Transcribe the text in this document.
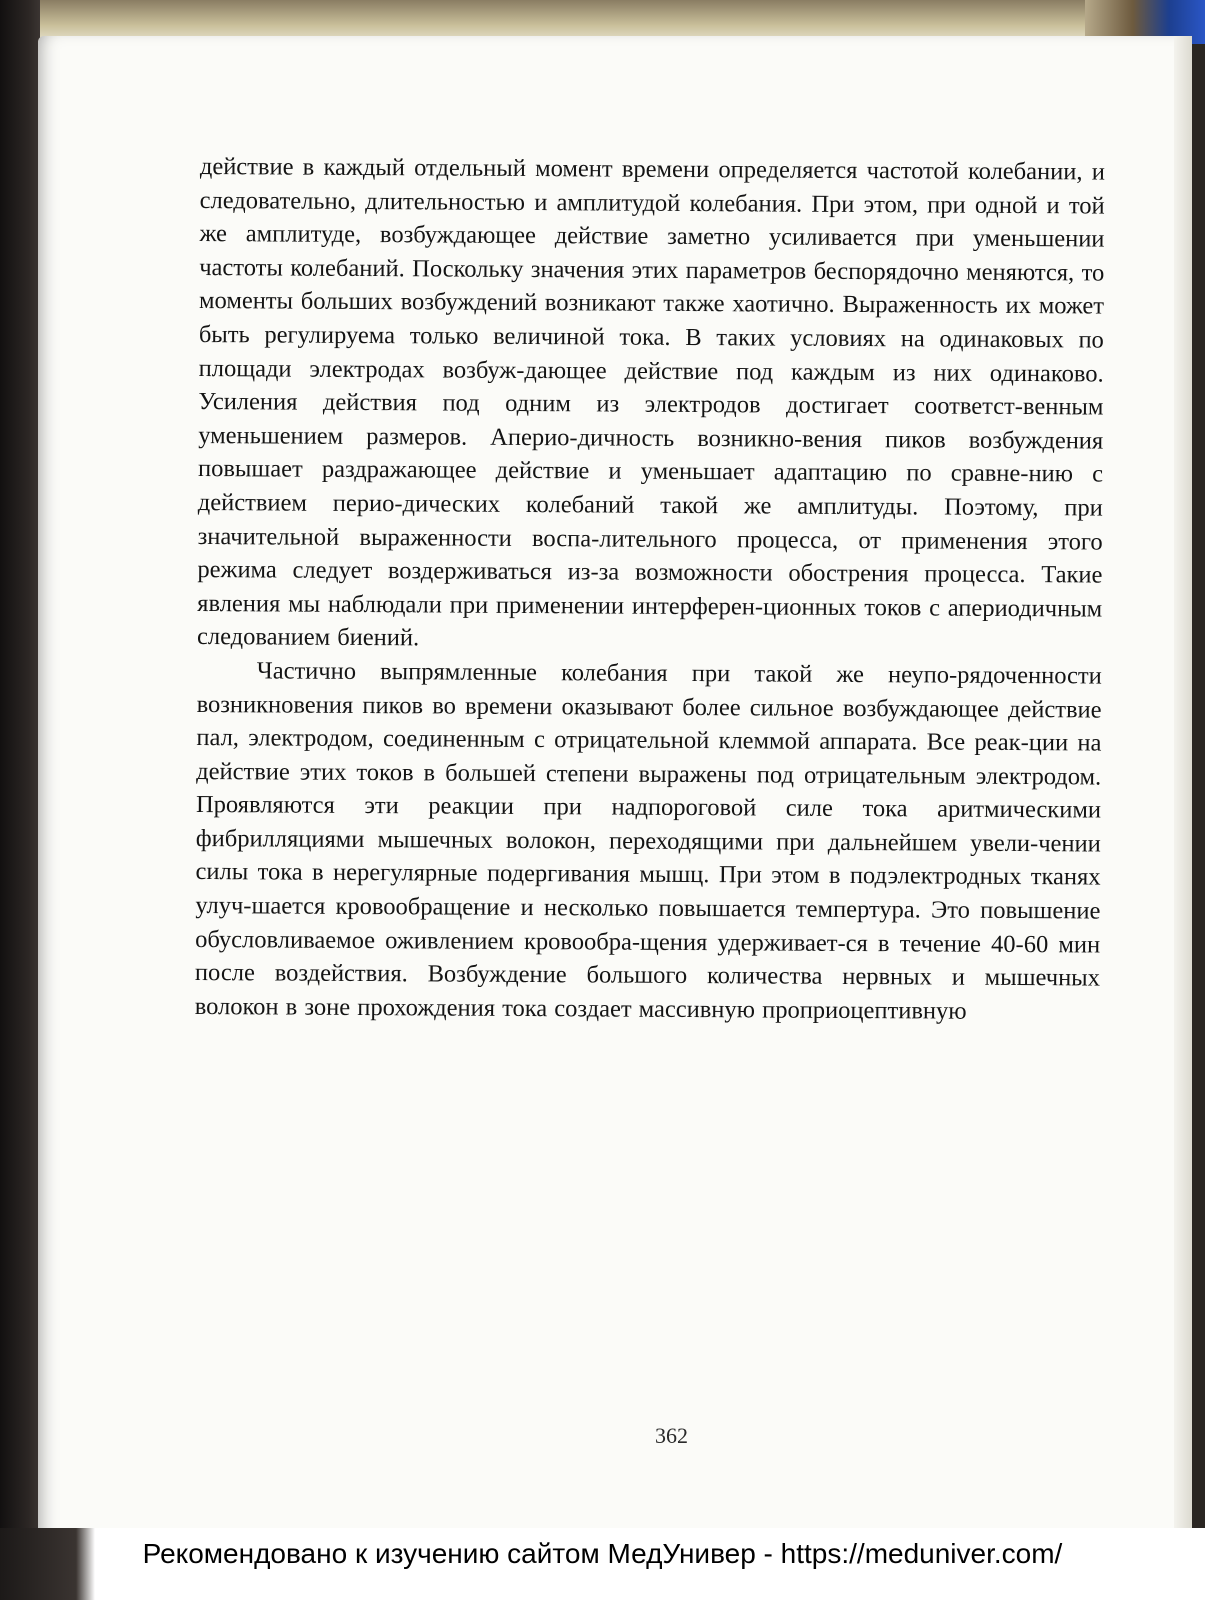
действие в каждый отдельный момент времени определяется частотой колебании, и следовательно, длительностью и амплитудой колебания. При этом, при одной и той же амплитуде, возбуждающее действие заметно усиливается при уменьшении частоты колебаний. Поскольку значения этих параметров беспорядочно меняются, то моменты больших возбуждений возникают также хаотично. Выраженность их может быть регулируема только величиной тока. В таких условиях на одинаковых по площади электродах возбуж-дающее действие под каждым из них одинаково. Усиления действия под одним из электродов достигает соответст-венным уменьшением размеров. Аперио-дичность возникно-вения пиков возбуждения повышает раздражающее действие и уменьшает адаптацию по сравне-нию с действием перио-дических колебаний такой же амплитуды. Поэтому, при значительной выраженности воспа-лительного процесса, от применения этого режима следует воздерживаться из-за возможности обострения процесса. Такие явления мы наблюдали при применении интерферен-ционных токов с апериодичным следованием биений.

Частично выпрямленные колебания при такой же неупо-рядоченности возникновения пиков во времени оказывают более сильное возбуждающее действие пал, электродом, соединенным с отрицательной клеммой аппарата. Все реак-ции на действие этих токов в большей степени выражены под отрицательным электродом. Проявляются эти реакции при надпороговой силе тока аритмическими фибрилляциями мышечных волокон, переходящими при дальнейшем увели-чении силы тока в нерегулярные подергивания мышц. При этом в подэлектродных тканях улуч-шается кровообращение и несколько повышается темпертура. Это повышение обусловливаемое оживлением кровообра-щения удерживает-ся в течение 40-60 мин после воздействия. Возбуждение большого количества нервных и мышечных волокон в зоне прохождения тока создает массивную проприоцептивную

362
Рекомендовано к изучению сайтом МедУнивер - https://meduniver.com/
